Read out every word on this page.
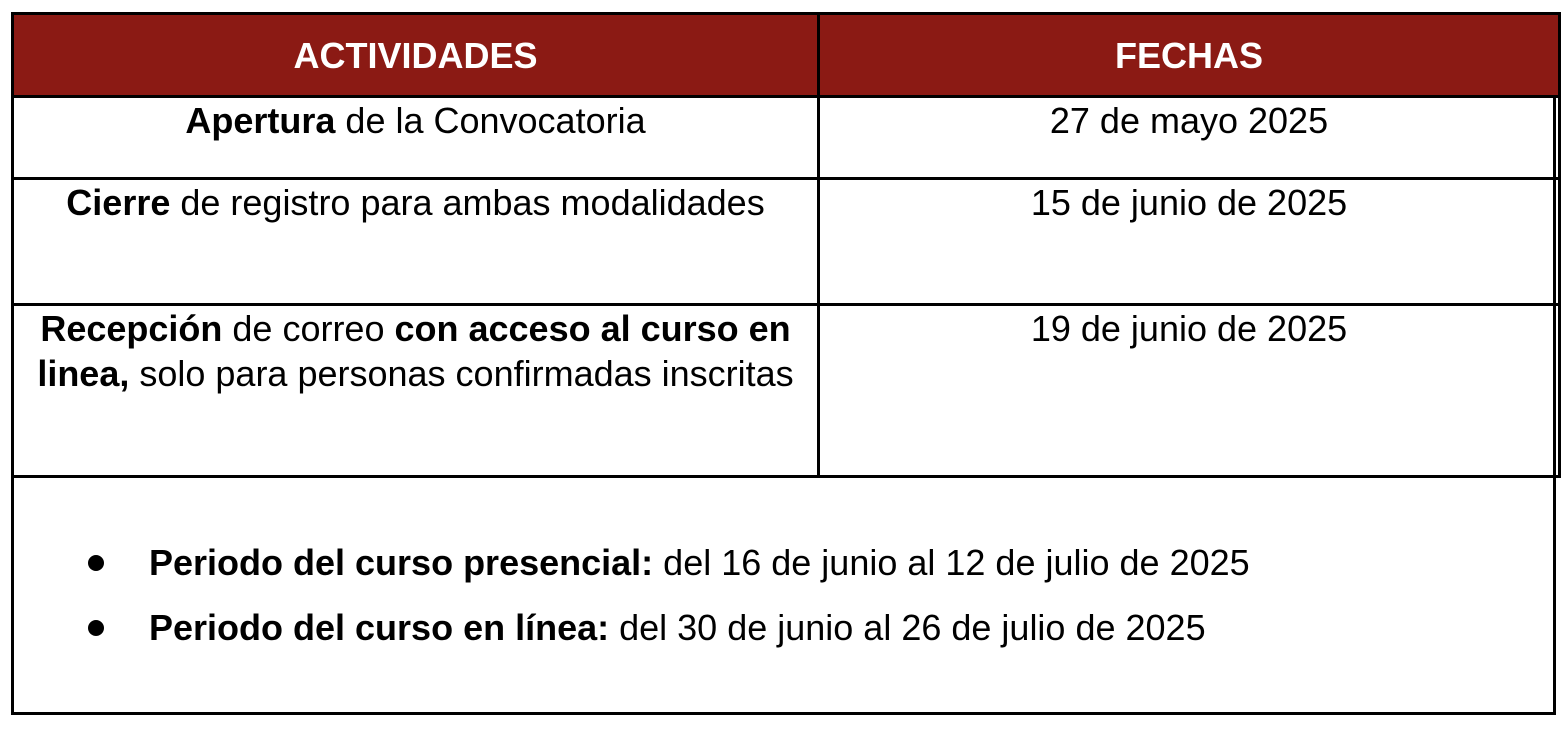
ACTIVIDADES	FECHAS

Apertura de la Convocatoria	27 de mayo 2025

Cierre de registro para ambas modalidades	15 de junio de 2025

Recepción de correo con acceso al curso en linea, solo para personas confirmadas inscritas	19 de junio de 2025
Periodo del curso presencial: del 16 de junio al 12 de julio de 2025
Periodo del curso en línea: del 30 de junio al 26 de julio de 2025
